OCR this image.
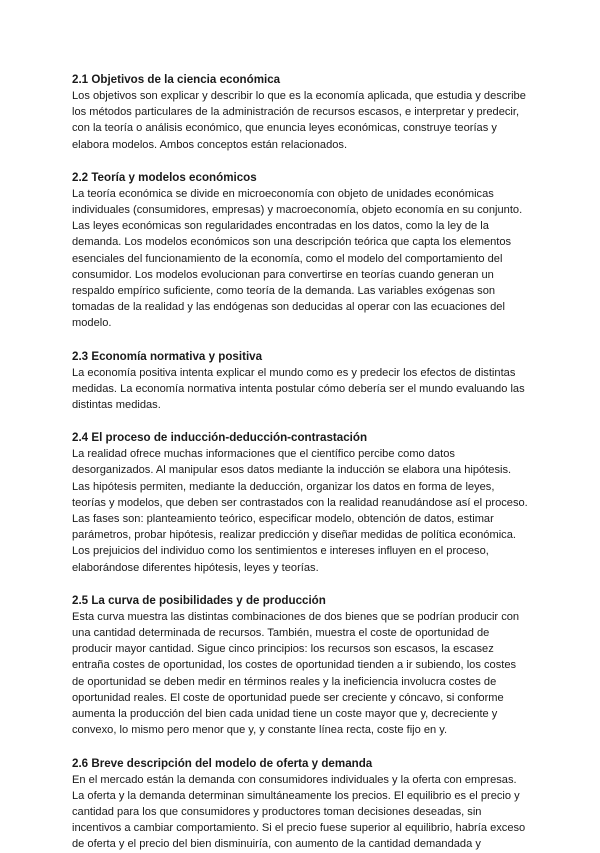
2.1 Objetivos de la ciencia económica

Los objetivos son explicar y describir lo que es la economía aplicada, que estudia y describe los métodos particulares de la administración de recursos escasos, e interpretar y predecir, con la teoría o análisis económico, que enuncia leyes económicas, construye teorías y elabora modelos. Ambos conceptos están relacionados.

2.2 Teoría y modelos económicos

La teoría económica se divide en microeconomía con objeto de unidades económicas individuales (consumidores, empresas) y macroeconomía, objeto economía en su conjunto. Las leyes económicas son regularidades encontradas en los datos, como la ley de la demanda. Los modelos económicos son una descripción teórica que capta los elementos esenciales del funcionamiento de la economía, como el modelo del comportamiento del consumidor. Los modelos evolucionan para convertirse en teorías cuando generan un respaldo empírico suficiente, como teoría de la demanda. Las variables exógenas son tomadas de la realidad y las endógenas son deducidas al operar con las ecuaciones del modelo.

2.3 Economía normativa y positiva

La economía positiva intenta explicar el mundo como es y predecir los efectos de distintas medidas. La economía normativa intenta postular cómo debería ser el mundo evaluando las distintas medidas.

2.4 El proceso de inducción-deducción-contrastación

La realidad ofrece muchas informaciones que el científico percibe como datos desorganizados. Al manipular esos datos mediante la inducción se elabora una hipótesis. Las hipótesis permiten, mediante la deducción, organizar los datos en forma de leyes, teorías y modelos, que deben ser contrastados con la realidad reanudándose así el proceso. Las fases son: planteamiento teórico, especificar modelo, obtención de datos, estimar parámetros, probar hipótesis, realizar predicción y diseñar medidas de política económica. Los prejuicios del individuo como los sentimientos e intereses influyen en el proceso, elaborándose diferentes hipótesis, leyes y teorías.

2.5 La curva de posibilidades y de producción

Esta curva muestra las distintas combinaciones de dos bienes que se podrían producir con una cantidad determinada de recursos. También, muestra el coste de oportunidad de producir mayor cantidad. Sigue cinco principios: los recursos son escasos, la escasez entraña costes de oportunidad, los costes de oportunidad tienden a ir subiendo, los costes de oportunidad se deben medir en términos reales y la ineficiencia involucra costes de oportunidad reales. El coste de oportunidad puede ser creciente y cóncavo, si conforme aumenta la producción del bien cada unidad tiene un coste mayor que y, decreciente y convexo, lo mismo pero menor que y, y constante línea recta, coste fijo en y.

2.6 Breve descripción del modelo de oferta y demanda

En el mercado están la demanda con consumidores individuales y la oferta con empresas. La oferta y la demanda determinan simultáneamente los precios. El equilibrio es el precio y cantidad para los que consumidores y productores toman decisiones deseadas, sin incentivos a cambiar comportamiento. Si el precio fuese superior al equilibrio, habría exceso de oferta y el precio del bien disminuiría, con aumento de la cantidad demandada y
